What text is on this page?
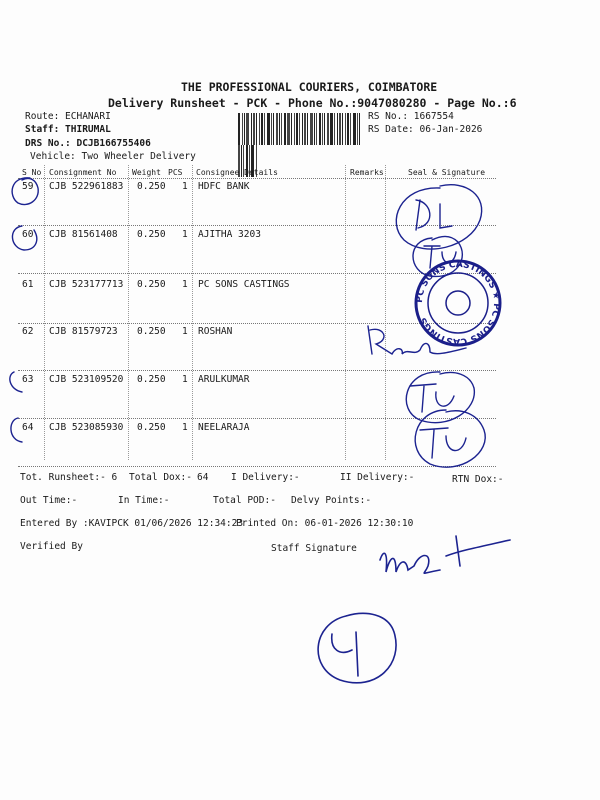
THE PROFESSIONAL COURIERS, COIMBATORE
Delivery Runsheet - PCK - Phone No.:9047080280 - Page No.:6
Route: ECHANARI
Staff: THIRUMAL
DRS No.: DCJB166755406
Vehicle: Two Wheeler Delivery
RS No.: 1667554
RS Date: 06-Jan-2026
S No Consignment No Weight PCS Consignee Details	Remarks	Seal & Signature
59 CJB 522961883 0.250 1 HDFC BANK
60 CJB 81561408 0.250 1 AJITHA 3203
61 CJB 523177713 0.250 1 PC SONS CASTINGS
62 CJB 81579723 0.250 1 ROSHAN
63 CJB 523109520 0.250 1 ARULKUMAR
64 CJB 523085930 0.250 1 NEELARAJA
Tot. Runsheet:- 6 Total Dox:- 64 I Delivery:-	II Delivery:-	RTN Dox:-
Out Time:-	In Time:-	Total POD:- Delvy Points:-
Entered By :KAVIPCK 01/06/2026 12:34:23
Printed On: 06-01-2026 12:30:10
Verified By	Staff Signature
PC SONS CASTINGS ★ PC SONS CASTINGS
